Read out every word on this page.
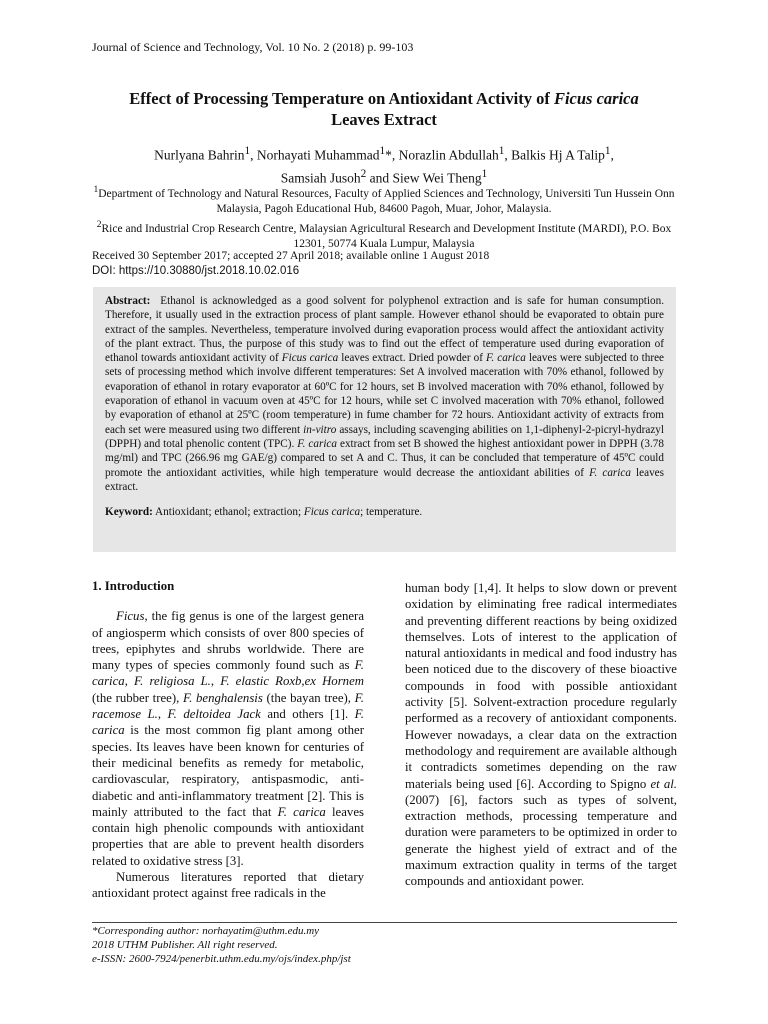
Journal of Science and Technology, Vol. 10 No. 2 (2018) p. 99-103
Effect of Processing Temperature on Antioxidant Activity of Ficus carica
Leaves Extract
Nurlyana Bahrin$^1$, Norhayati Muhammad$^1$*, Norazlin Abdullah$^1$, Balkis Hj A Talip$^1$,
Samsiah Jusoh$^2$ and Siew Wei Theng$^1$

$^1$Department of Technology and Natural Resources, Faculty of Applied Sciences and Technology, Universiti Tun Hussein Onn Malaysia, Pagoh Educational Hub, 84600 Pagoh, Muar, Johor, Malaysia.

$^2$Rice and Industrial Crop Research Centre, Malaysian Agricultural Research and Development Institute (MARDI), P.O. Box 12301, 50774 Kuala Lumpur, Malaysia

Received 30 September 2017; accepted 27 April 2018; available online 1 August 2018
DOI: https://10.30880/jst.2018.10.02.016

Abstract: Ethanol is acknowledged as a good solvent for polyphenol extraction and is safe for human consumption. Therefore, it usually used in the extraction process of plant sample. However ethanol should be evaporated to obtain pure extract of the samples. Nevertheless, temperature involved during evaporation process would affect the antioxidant activity of the plant extract. Thus, the purpose of this study was to find out the effect of temperature used during evaporation of ethanol towards antioxidant activity of Ficus carica leaves extract. Dried powder of F. carica leaves were subjected to three sets of processing method which involve different temperatures: Set A involved maceration with 70% ethanol, followed by evaporation of ethanol in rotary evaporator at 60ºC for 12 hours, set B involved maceration with 70% ethanol, followed by evaporation of ethanol in vacuum oven at 45ºC for 12 hours, while set C involved maceration with 70% ethanol, followed by evaporation of ethanol at 25ºC (room temperature) in fume chamber for 72 hours. Antioxidant activity of extracts from each set were measured using two different in-vitro assays, including scavenging abilities on 1,1-diphenyl-2-picryl-hydrazyl (DPPH) and total phenolic content (TPC). F. carica extract from set B showed the highest antioxidant power in DPPH (3.78 mg/ml) and TPC (266.96 mg GAE/g) compared to set A and C. Thus, it can be concluded that temperature of 45ºC could promote the antioxidant activities, while high temperature would decrease the antioxidant abilities of F. carica leaves extract.

Keyword: Antioxidant; ethanol; extraction; Ficus carica; temperature.

1. Introduction

Ficus, the fig genus is one of the largest genera of angiosperm which consists of over 800 species of trees, epiphytes and shrubs worldwide. There are many types of species commonly found such as F. carica, F. religiosa L., F. elastic Roxb,ex Hornem (the rubber tree), F. benghalensis (the bayan tree), F. racemose L., F. deltoidea Jack and others [1]. F. carica is the most common fig plant among other species. Its leaves have been known for centuries of their medicinal benefits as remedy for metabolic, cardiovascular, respiratory, antispasmodic, anti-diabetic and anti-inflammatory treatment [2]. This is mainly attributed to the fact that F. carica leaves contain high phenolic compounds with antioxidant properties that are able to prevent health disorders related to oxidative stress [3].

Numerous literatures reported that dietary antioxidant protect against free radicals in the

human body [1,4]. It helps to slow down or prevent oxidation by eliminating free radical intermediates and preventing different reactions by being oxidized themselves. Lots of interest to the application of natural antioxidants in medical and food industry has been noticed due to the discovery of these bioactive compounds in food with possible antioxidant activity [5]. Solvent-extraction procedure regularly performed as a recovery of antioxidant components. However nowadays, a clear data on the extraction methodology and requirement are available although it contradicts sometimes depending on the raw materials being used [6]. According to Spigno et al. (2007) [6], factors such as types of solvent, extraction methods, processing temperature and duration were parameters to be optimized in order to generate the highest yield of extract and of the maximum extraction quality in terms of the target compounds and antioxidant power.

*Corresponding author: norhayatim@uthm.edu.my

2018 UTHM Publisher. All right reserved.

e-ISSN: 2600-7924/penerbit.uthm.edu.my/ojs/index.php/jst
